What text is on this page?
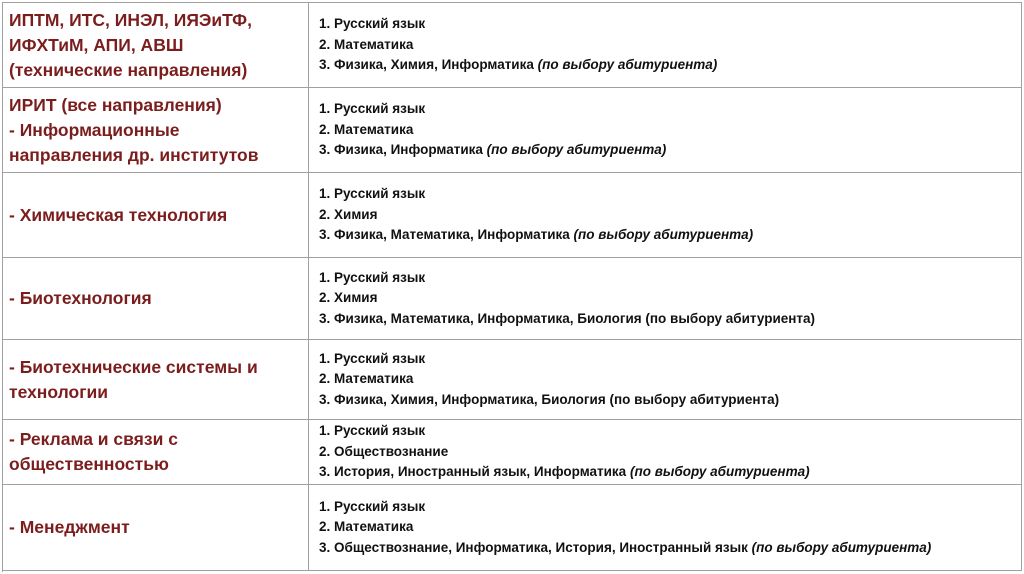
ИПТМ, ИТС, ИНЭЛ, ИЯЭиТФ,
ИФХТиМ, АПИ, АВШ
(технические направления)
1. Русский язык
2. Математика
3. Физика, Химия, Информатика (по выбору абитуриента)
ИРИТ (все направления)
- Информационные
направления др. институтов
1. Русский язык
2. Математика
3. Физика, Информатика (по выбору абитуриента)
- Химическая технология
1. Русский язык
2. Химия
3. Физика, Математика, Информатика (по выбору абитуриента)
- Биотехнология
1. Русский язык
2. Химия
3. Физика, Математика, Информатика, Биология (по выбору абитуриента)
- Биотехнические системы и
технологии
1. Русский язык
2. Математика
3. Физика, Химия, Информатика, Биология (по выбору абитуриента)
- Реклама и связи с
общественностью
1. Русский язык
2. Обществознание
3. История, Иностранный язык, Информатика (по выбору абитуриента)
- Менеджмент
1. Русский язык
2. Математика
3. Обществознание, Информатика, История, Иностранный язык (по выбору абитуриента)
